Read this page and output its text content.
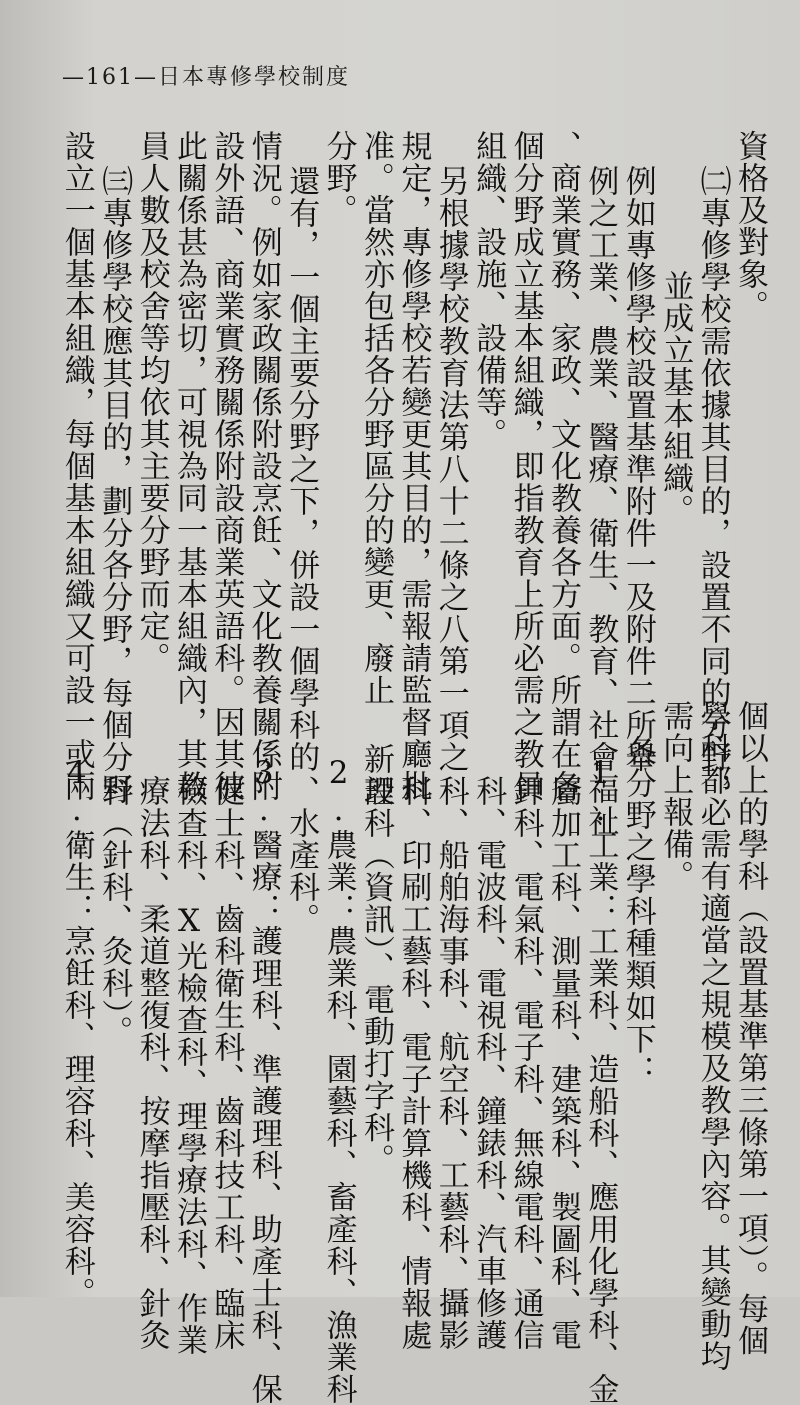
—161—日本專修學校制度
資格及對象。
㈡專修學校需依據其目的，設置不同的分野，
並成立基本組織。
例如專修學校設置基準附件一及附件二所舉
例之工業、農業、醫療、衛生、教育、社會福祉
、商業實務、家政、文化教養各方面。所謂在各
個分野成立基本組織，即指教育上所必需之教員
組織、設施、設備等。
另根據學校教育法第八十二條之八第一項之
規定，專修學校若變更其目的，需報請監督廳批
准。當然亦包括各分野區分的變更、廢止 新設
分野。
還有，一個主要分野之下，併設一個學科的
情況。例如家政關係附設烹飪、文化教養關係附
設外語、商業實務關係附設商業英語科。因其彼
此關係甚為密切，可視為同一基本組織內，其教
員人數及校舍等均依其主要分野而定。
㈢專修學校應其目的，劃分各分野，每個分野
設立一個基本組織，每個基本組織又可設一或兩
個以上的學科（設置基準第三條第一項）。每個
學科都必需有適當之規模及教學內容。其變動均
需向上報備。
各分野之學科種類如下：
1.工業：工業科、造船科、應用化學科、金
屬加工科、測量科、建築科、製圖科、電
鉀科、電氣科、電子科、無線電科、通信
科、電波科、電視科、鐘錶科、汽車修護
科、船舶海事科、航空科、工藝科、攝影
科、印刷工藝科、電子計算機科、情報處
理科（資訊）、電動打字科。
2.農業：農業科、園藝科、畜產科、漁業科
、水產科。
3.醫療：護理科、準護理科、助產士科、保
健士科、齒科衛生科、齒科技工科、臨床
檢查科、X光檢查科、理學療法科、作業
療法科、柔道整復科、按摩指壓科、針灸
科（針科、灸科）。
4.衛生：烹飪科、理容科、美容科。
